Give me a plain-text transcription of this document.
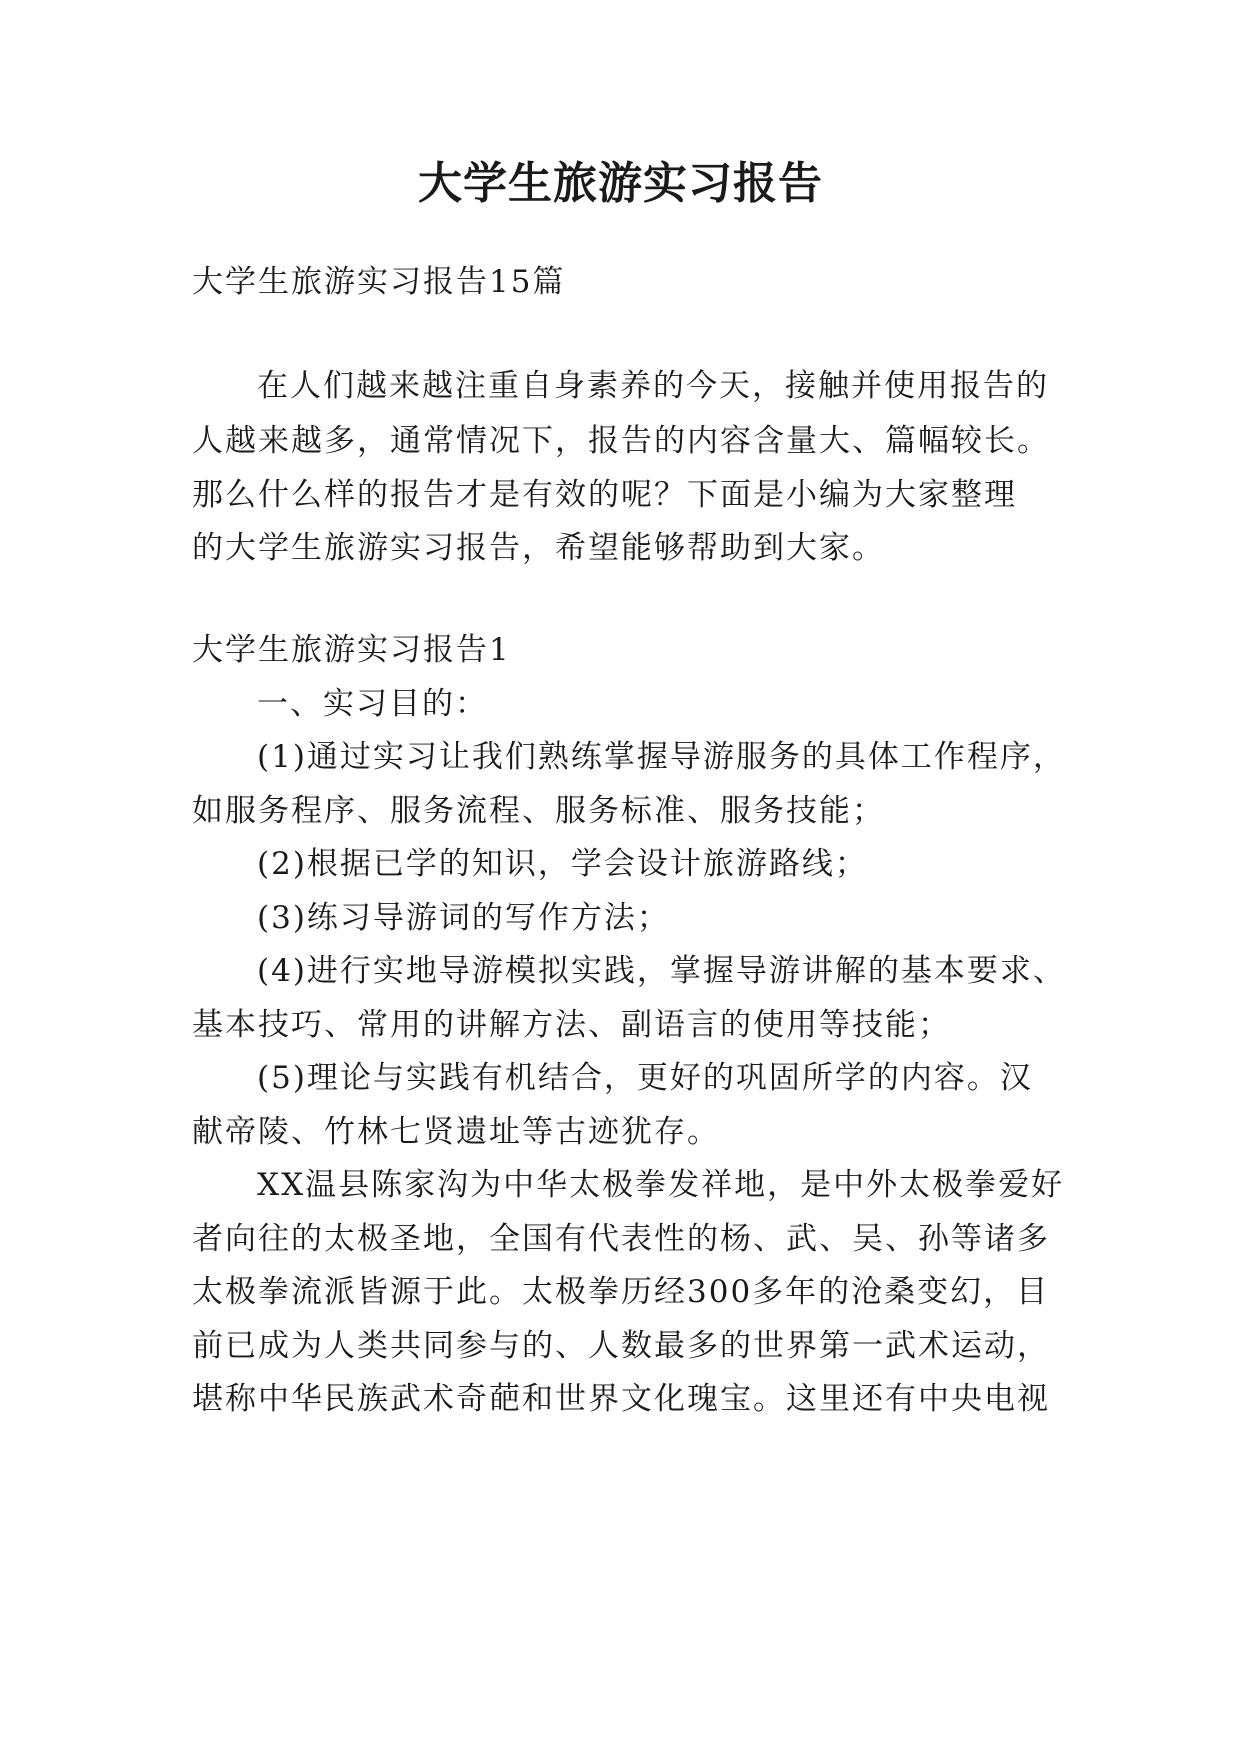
大学生旅游实习报告

大学生旅游实习报告15篇

在人们越来越注重自身素养的今天，接触并使用报告的

人越来越多，通常情况下，报告的内容含量大、篇幅较长。

那么什么样的报告才是有效的呢？下面是小编为大家整理

的大学生旅游实习报告，希望能够帮助到大家。

大学生旅游实习报告1

一、实习目的：

(1)通过实习让我们熟练掌握导游服务的具体工作程序，

如服务程序、服务流程、服务标准、服务技能；

(2)根据已学的知识，学会设计旅游路线；

(3)练习导游词的写作方法；

(4)进行实地导游模拟实践，掌握导游讲解的基本要求、

基本技巧、常用的讲解方法、副语言的使用等技能；

(5)理论与实践有机结合，更好的巩固所学的内容。汉

献帝陵、竹林七贤遗址等古迹犹存。

XX温县陈家沟为中华太极拳发祥地，是中外太极拳爱好

者向往的太极圣地，全国有代表性的杨、武、吴、孙等诸多

太极拳流派皆源于此。太极拳历经300多年的沧桑变幻，目

前已成为人类共同参与的、人数最多的世界第一武术运动，

堪称中华民族武术奇葩和世界文化瑰宝。这里还有中央电视
